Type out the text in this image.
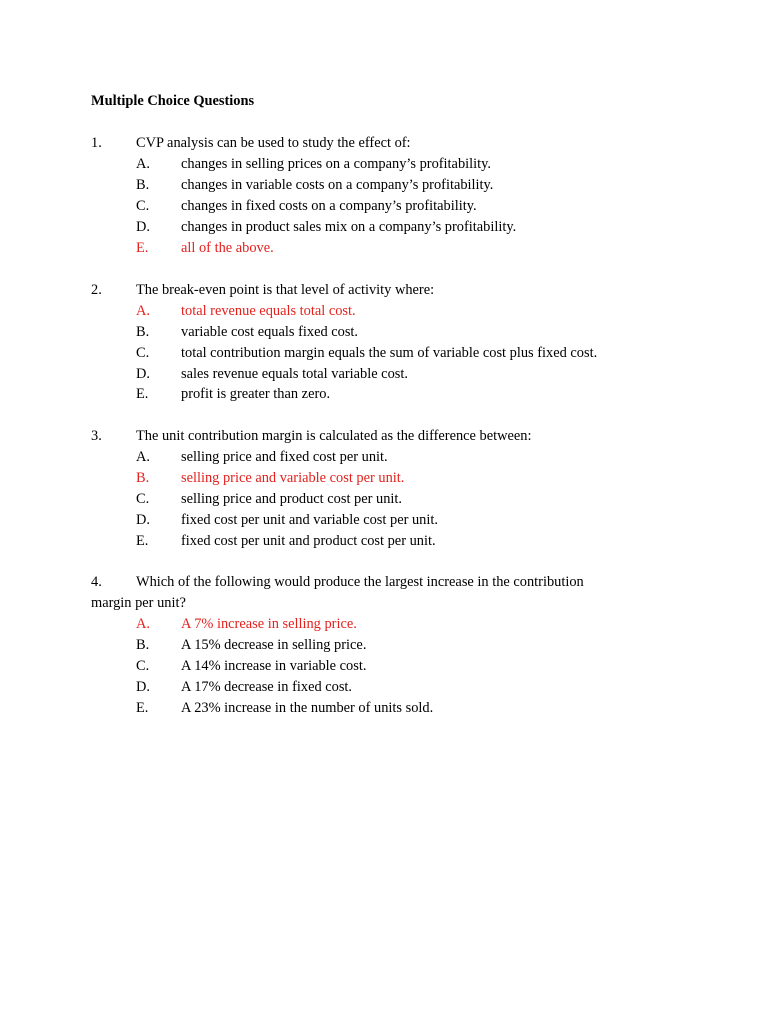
Multiple Choice Questions
1. CVP analysis can be used to study the effect of:
A. changes in selling prices on a company’s profitability.
B. changes in variable costs on a company’s profitability.
C. changes in fixed costs on a company’s profitability.
D. changes in product sales mix on a company’s profitability.
E. all of the above.
2. The break-even point is that level of activity where:
A. total revenue equals total cost.
B. variable cost equals fixed cost.
C. total contribution margin equals the sum of variable cost plus fixed cost.
D. sales revenue equals total variable cost.
E. profit is greater than zero.
3. The unit contribution margin is calculated as the difference between:
A. selling price and fixed cost per unit.
B. selling price and variable cost per unit.
C. selling price and product cost per unit.
D. fixed cost per unit and variable cost per unit.
E. fixed cost per unit and product cost per unit.
4. Which of the following would produce the largest increase in the contribution
margin per unit?
A. A 7% increase in selling price.
B. A 15% decrease in selling price.
C. A 14% increase in variable cost.
D. A 17% decrease in fixed cost.
E. A 23% increase in the number of units sold.
